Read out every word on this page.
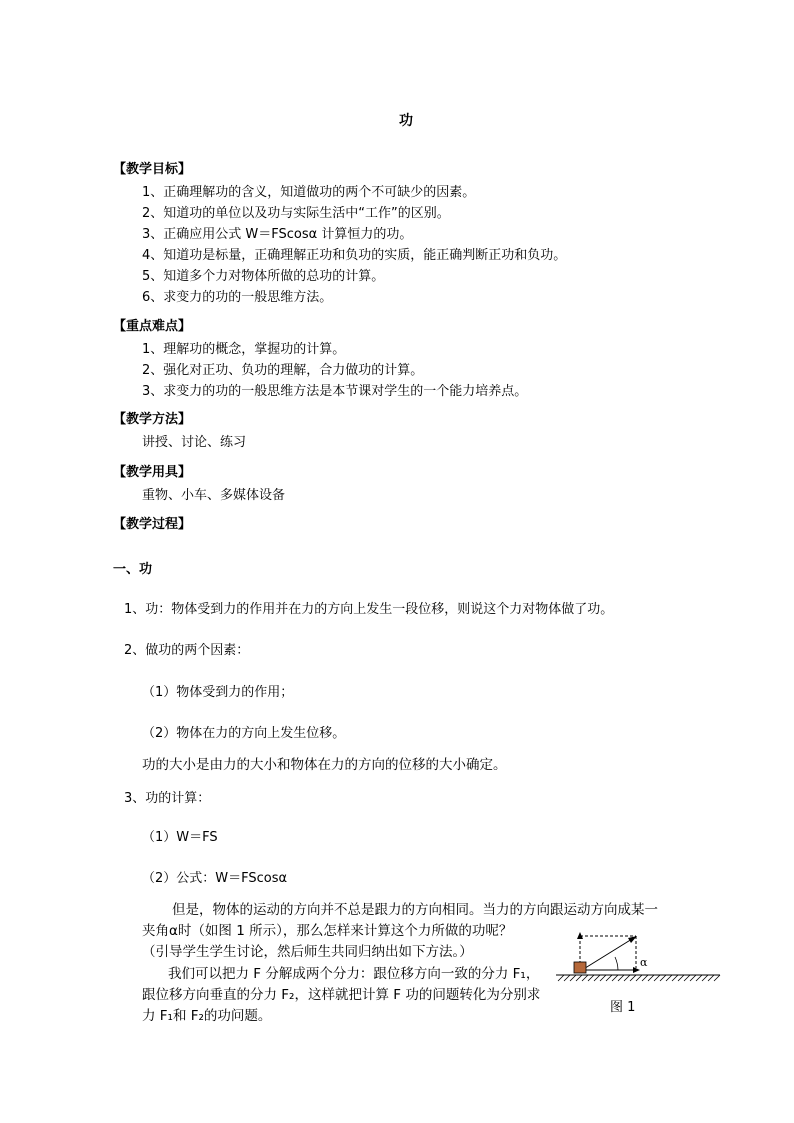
功
【教学目标】
1、正确理解功的含义，知道做功的两个不可缺少的因素。
2、知道功的单位以及功与实际生活中“工作”的区别。
3、正确应用公式 W＝FScosα 计算恒力的功。
4、知道功是标量，正确理解正功和负功的实质，能正确判断正功和负功。
5、知道多个力对物体所做的总功的计算。
6、求变力的功的一般思维方法。
【重点难点】
1、理解功的概念，掌握功的计算。
2、强化对正功、负功的理解，合力做功的计算。
3、求变力的功的一般思维方法是本节课对学生的一个能力培养点。
【教学方法】
讲授、讨论、练习
【教学用具】
重物、小车、多媒体设备
【教学过程】
一、功
1、功：物体受到力的作用并在力的方向上发生一段位移，则说这个力对物体做了功。
2、做功的两个因素：
（1）物体受到力的作用；
（2）物体在力的方向上发生位移。
功的大小是由力的大小和物体在力的方向的位移的大小确定。
3、功的计算：
（1）W＝FS
（2）公式：W＝FScosα
但是，物体的运动的方向并不总是跟力的方向相同。当力的方向跟运动方向成某一
夹角α时（如图 1 所示），那么怎样来计算这个力所做的功呢？
（引导学生学生讨论，然后师生共同归纳出如下方法。）
我们可以把力 F 分解成两个分力：跟位移方向一致的分力 F₁，
跟位移方向垂直的分力 F₂，这样就把计算 F 功的问题转化为分别求
力 F₁和 F₂的功问题。
α
图 1
